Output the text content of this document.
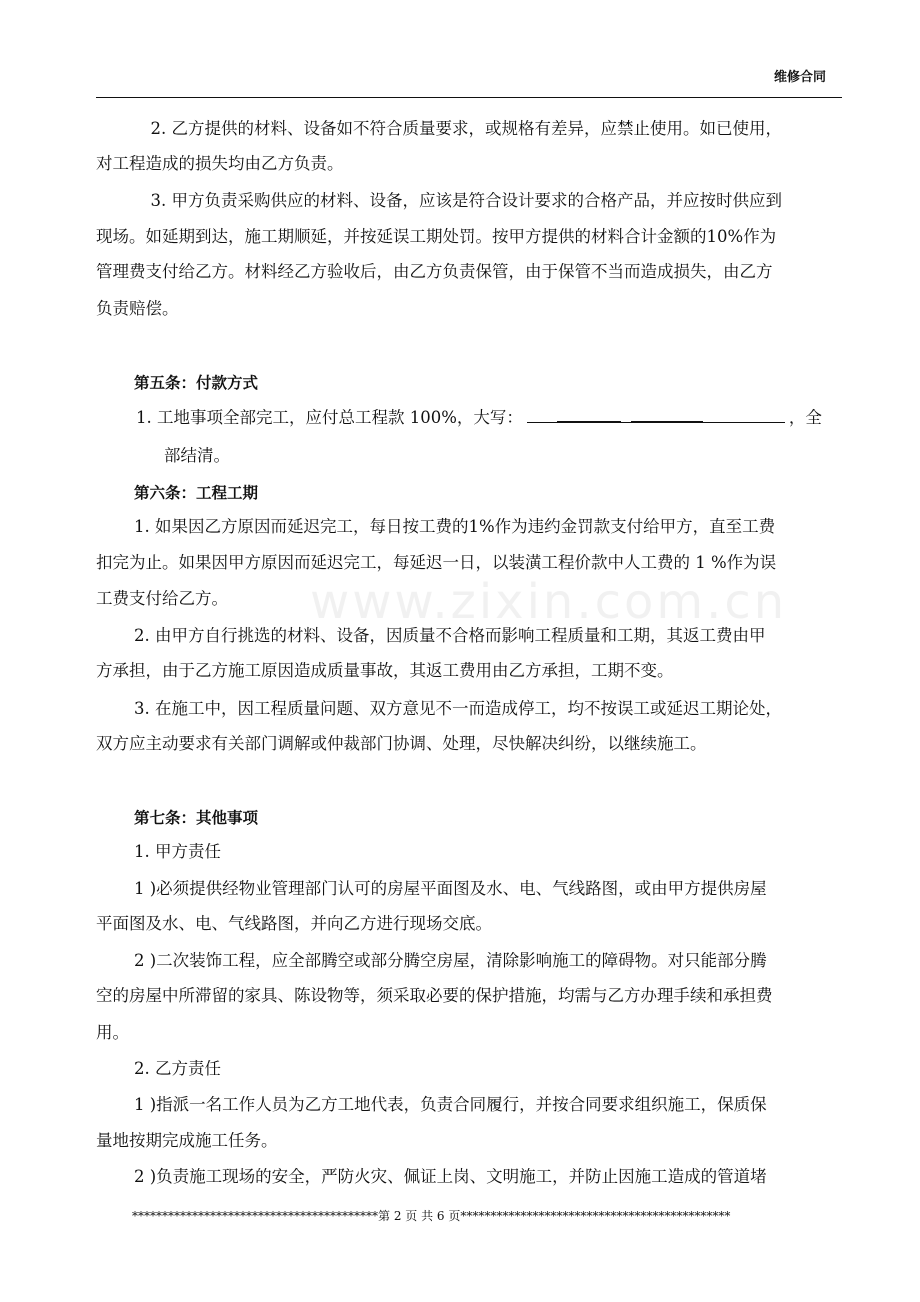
维修合同
www.zixin.com.cn
　2. 乙方提供的材料、设备如不符合质量要求，或规格有差异，应禁止使用。如已使用，
对工程造成的损失均由乙方负责。
　3. 甲方负责采购供应的材料、设备，应该是符合设计要求的合格产品，并应按时供应到
现场。如延期到达，施工期顺延，并按延误工期处罚。按甲方提供的材料合计金额的10%作为
管理费支付给乙方。材料经乙方验收后，由乙方负责保管，由于保管不当而造成损失，由乙方
负责赔偿。
第五条：付款方式
1. 工地事项全部完工，应付总工程款 100%，大写：	，全
部结清。
第六条：工程工期
1. 如果因乙方原因而延迟完工，每日按工费的1%作为违约金罚款支付给甲方，直至工费
扣完为止。如果因甲方原因而延迟完工，每延迟一日，以装潢工程价款中人工费的 1 %作为误
工费支付给乙方。
2. 由甲方自行挑选的材料、设备，因质量不合格而影响工程质量和工期，其返工费由甲
方承担，由于乙方施工原因造成质量事故，其返工费用由乙方承担，工期不变。
3. 在施工中，因工程质量问题、双方意见不一而造成停工，均不按误工或延迟工期论处，
双方应主动要求有关部门调解或仲裁部门协调、处理，尽快解决纠纷，以继续施工。
第七条：其他事项
1. 甲方责任
1 )必须提供经物业管理部门认可的房屋平面图及水、电、气线路图，或由甲方提供房屋
平面图及水、电、气线路图，并向乙方进行现场交底。
2 )二次装饰工程，应全部腾空或部分腾空房屋，清除影响施工的障碍物。对只能部分腾
空的房屋中所滞留的家具、陈设物等，须采取必要的保护措施，均需与乙方办理手续和承担费
用。
2. 乙方责任
1 )指派一名工作人员为乙方工地代表，负责合同履行，并按合同要求组织施工，保质保
量地按期完成施工任务。
2 )负责施工现场的安全，严防火灾、佩证上岗、文明施工，并防止因施工造成的管道堵
*****************************************第 2 页 共 6 页*********************************************
